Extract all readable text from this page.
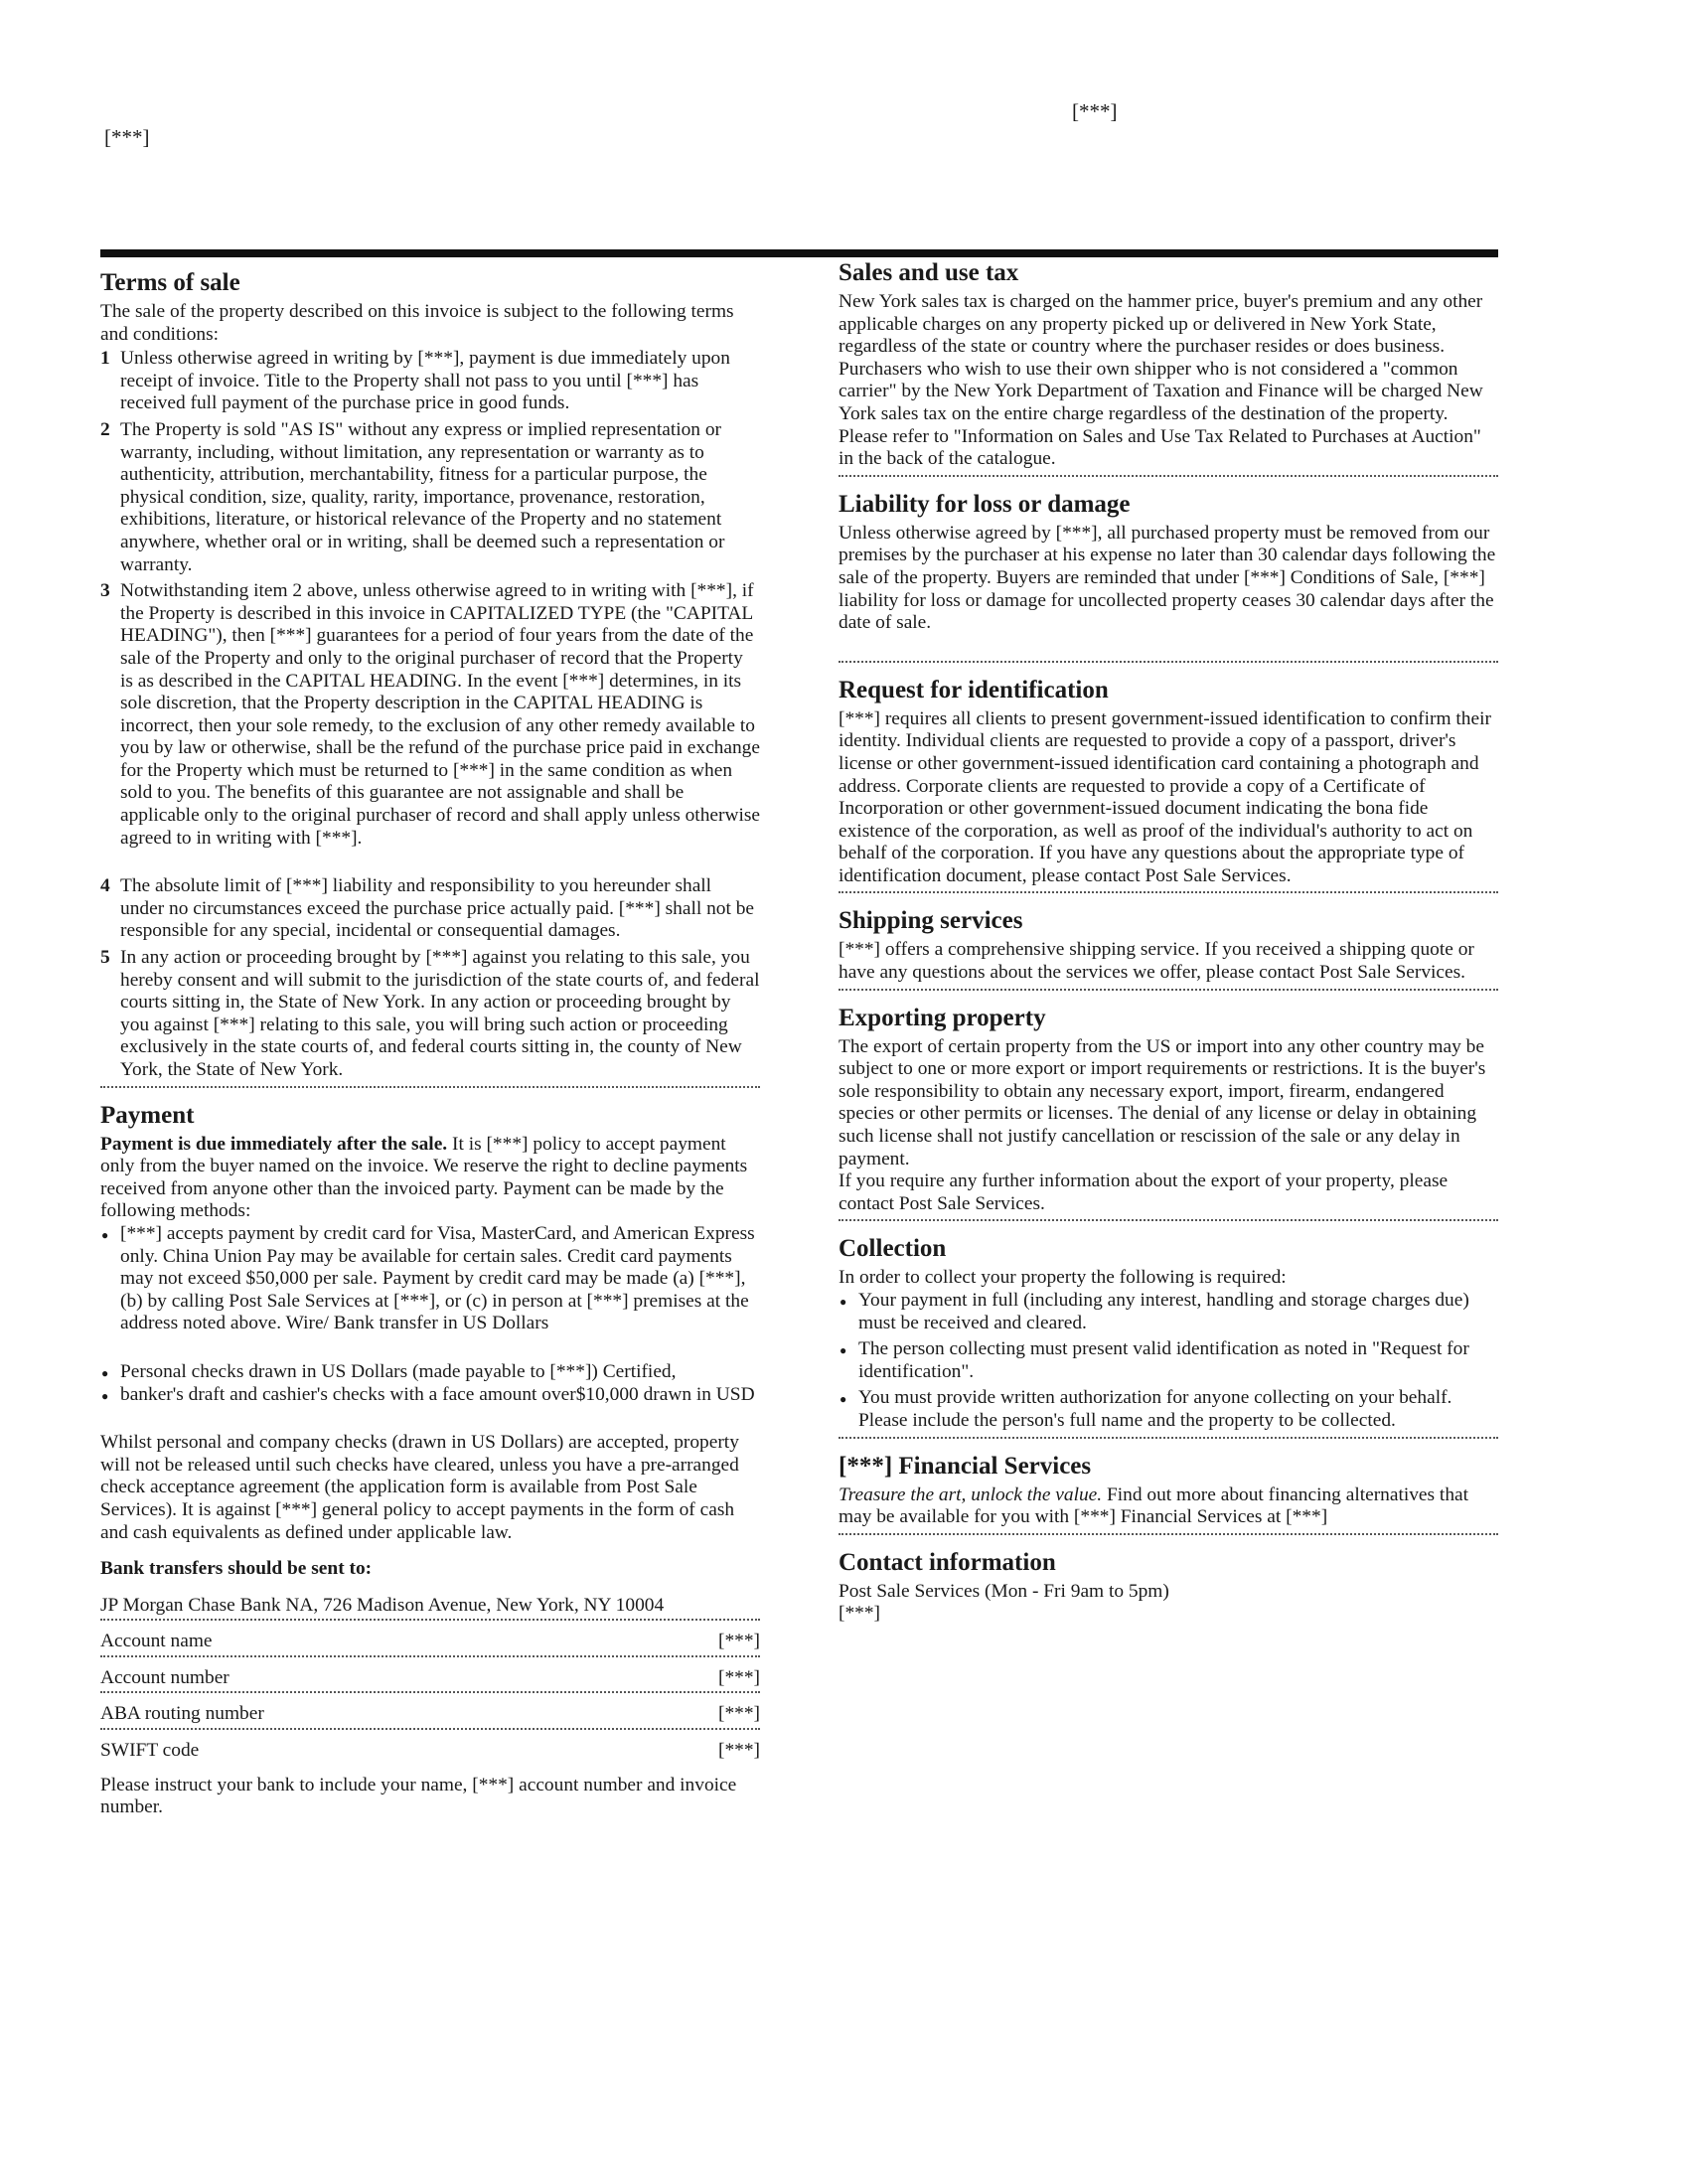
[***]
[***]
Terms of sale

The sale of the property described on this invoice is subject to the following terms and conditions:

1 Unless otherwise agreed in writing by [***], payment is due immediately upon receipt of invoice. Title to the Property shall not pass to you until [***] has received full payment of the purchase price in good funds.
2 The Property is sold "AS IS" without any express or implied representation or warranty, including, without limitation, any representation or warranty as to authenticity, attribution, merchantability, fitness for a particular purpose, the physical condition, size, quality, rarity, importance, provenance, restoration, exhibitions, literature, or historical relevance of the Property and no statement anywhere, whether oral or in writing, shall be deemed such a representation or warranty.
3 Notwithstanding item 2 above, unless otherwise agreed to in writing with [***], if the Property is described in this invoice in CAPITALIZED TYPE (the "CAPITAL HEADING"), then [***] guarantees for a period of four years from the date of the sale of the Property and only to the original purchaser of record that the Property is as described in the CAPITAL HEADING. In the event [***] determines, in its sole discretion, that the Property description in the CAPITAL HEADING is incorrect, then your sole remedy, to the exclusion of any other remedy available to you by law or otherwise, shall be the refund of the purchase price paid in exchange for the Property which must be returned to [***] in the same condition as when sold to you. The benefits of this guarantee are not assignable and shall be applicable only to the original purchaser of record and shall apply unless otherwise agreed to in writing with [***].
4 The absolute limit of [***] liability and responsibility to you hereunder shall under no circumstances exceed the purchase price actually paid. [***] shall not be responsible for any special, incidental or consequential damages.
5 In any action or proceeding brought by [***] against you relating to this sale, you hereby consent and will submit to the jurisdiction of the state courts of, and federal courts sitting in, the State of New York. In any action or proceeding brought by you against [***] relating to this sale, you will bring such action or proceeding exclusively in the state courts of, and federal courts sitting in, the county of New York, the State of New York.
Payment

Payment is due immediately after the sale. It is [***] policy to accept payment only from the buyer named on the invoice. We reserve the right to decline payments received from anyone other than the invoiced party. Payment can be made by the following methods:

● [***] accepts payment by credit card for Visa, MasterCard, and American Express only. China Union Pay may be available for certain sales. Credit card payments may not exceed $50,000 per sale. Payment by credit card may be made (a) [***], (b) by calling Post Sale Services at [***], or (c) in person at [***] premises at the address noted above. Wire/ Bank transfer in US Dollars
● Personal checks drawn in US Dollars (made payable to [***]) Certified,
● banker's draft and cashier's checks with a face amount over$10,000 drawn in USD

Whilst personal and company checks (drawn in US Dollars) are accepted, property will not be released until such checks have cleared, unless you have a pre-arranged check acceptance agreement (the application form is available from Post Sale Services). It is against [***] general policy to accept payments in the form of cash and cash equivalents as defined under applicable law.

Bank transfers should be sent to:

JP Morgan Chase Bank NA, 726 Madison Avenue, New York, NY 10004

Account name	[***]
Account number	[***]
ABA routing number	[***]
SWIFT code	[***]

Please instruct your bank to include your name, [***] account number and invoice number.

Sales and use tax

New York sales tax is charged on the hammer price, buyer's premium and any other applicable charges on any property picked up or delivered in New York State, regardless of the state or country where the purchaser resides or does business. Purchasers who wish to use their own shipper who is not considered a "common carrier" by the New York Department of Taxation and Finance will be charged New York sales tax on the entire charge regardless of the destination of the property. Please refer to "Information on Sales and Use Tax Related to Purchases at Auction" in the back of the catalogue.

Liability for loss or damage

Unless otherwise agreed by [***], all purchased property must be removed from our premises by the purchaser at his expense no later than 30 calendar days following the sale of the property. Buyers are reminded that under [***] Conditions of Sale, [***] liability for loss or damage for uncollected property ceases 30 calendar days after the date of sale.

Request for identification

[***] requires all clients to present government-issued identification to confirm their identity. Individual clients are requested to provide a copy of a passport, driver's license or other government-issued identification card containing a photograph and address. Corporate clients are requested to provide a copy of a Certificate of Incorporation or other government-issued document indicating the bona fide existence of the corporation, as well as proof of the individual's authority to act on behalf of the corporation. If you have any questions about the appropriate type of identification document, please contact Post Sale Services.

Shipping services

[***] offers a comprehensive shipping service. If you received a shipping quote or have any questions about the services we offer, please contact Post Sale Services.

Exporting property

The export of certain property from the US or import into any other country may be subject to one or more export or import requirements or restrictions. It is the buyer's sole responsibility to obtain any necessary export, import, firearm, endangered species or other permits or licenses. The denial of any license or delay in obtaining such license shall not justify cancellation or rescission of the sale or any delay in payment.

If you require any further information about the export of your property, please contact Post Sale Services.

Collection

In order to collect your property the following is required:

● Your payment in full (including any interest, handling and storage charges due) must be received and cleared.
● The person collecting must present valid identification as noted in "Request for identification".
● You must provide written authorization for anyone collecting on your behalf. Please include the person's full name and the property to be collected.
[***] Financial Services

Treasure the art, unlock the value. Find out more about financing alternatives that may be available for you with [***] Financial Services at [***]

Contact information

Post Sale Services (Mon - Fri 9am to 5pm)

[***]
